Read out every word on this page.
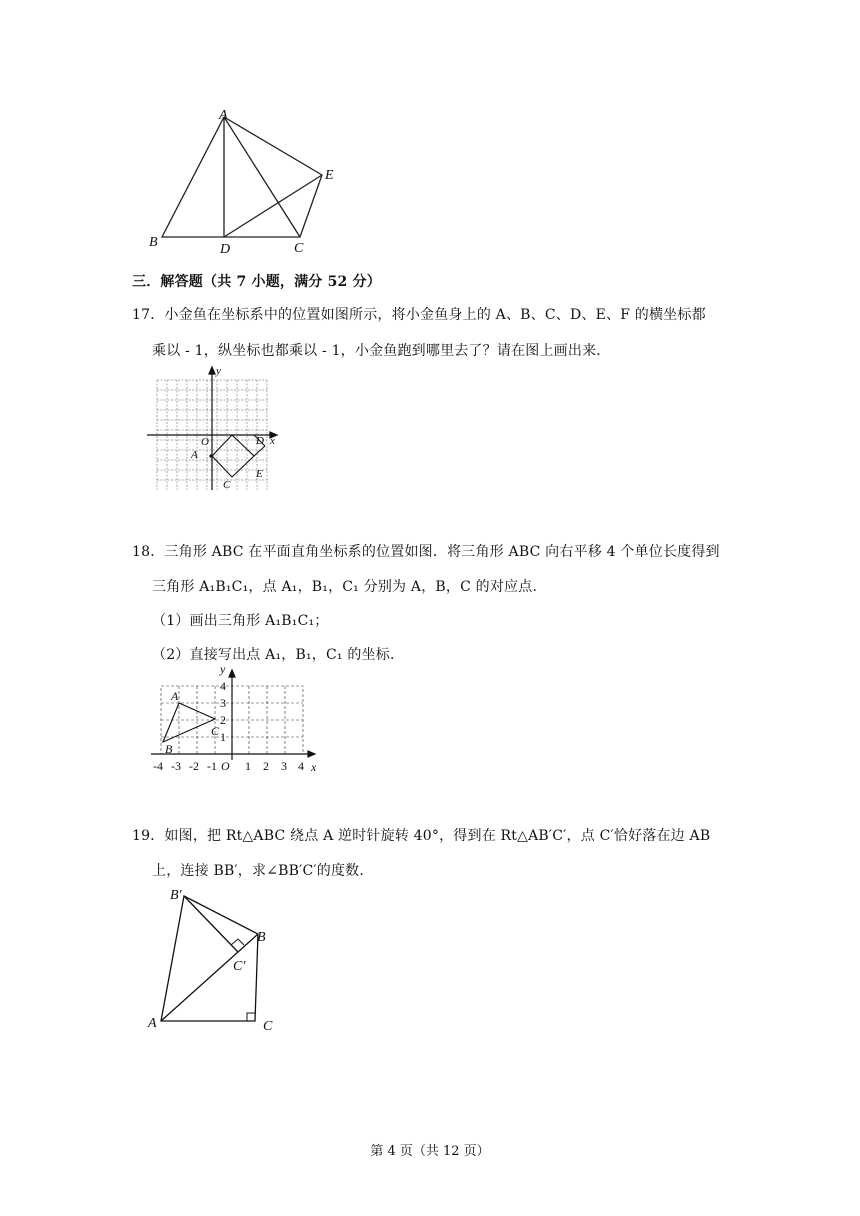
A
B	D	C
E
三．解答题（共 7 小题，满分 52 分）
17．小金鱼在坐标系中的位置如图所示，将小金鱼身上的 A、B、C、D、E、F 的横坐标都
乘以 - 1，纵坐标也都乘以 - 1，小金鱼跑到哪里去了？请在图上画出来．
y
x
O
A
C
D
E
18．三角形 ABC 在平面直角坐标系的位置如图．将三角形 ABC 向右平移 4 个单位长度得到
三角形 A₁B₁C₁，点 A₁，B₁，C₁ 分别为 A，B，C 的对应点．
（1）画出三角形 A₁B₁C₁；
（2）直接写出点 A₁，B₁，C₁ 的坐标．
y
x
O
A
B
C
4
3
2
1
-4 -3 -2 -1 1 2 3 4
19．如图，把 Rt△ABC 绕点 A 逆时针旋转 40°，得到在 Rt△AB′C′，点 C′恰好落在边 AB
上，连接 BB′，求∠BB′C′的度数．
B′
B
C′
A	C
第 4 页（共 12 页）
